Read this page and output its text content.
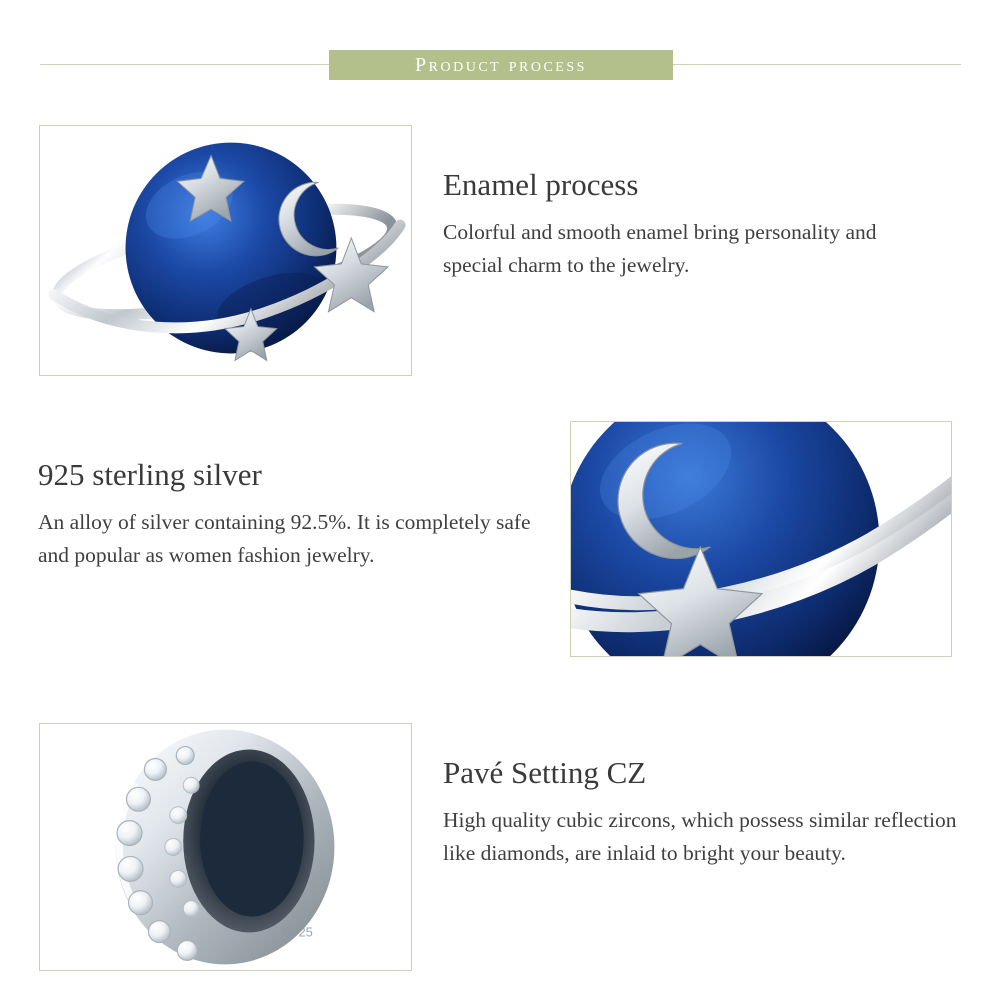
Product process
Enamel process

Colorful and smooth enamel bring personality and special charm to the jewelry.

925 sterling silver

An alloy of silver containing 92.5%. It is completely safe and popular as women fashion jewelry.

S925
Pavé Setting CZ

High quality cubic zircons, which possess similar reflection like diamonds, are inlaid to bright your beauty.
